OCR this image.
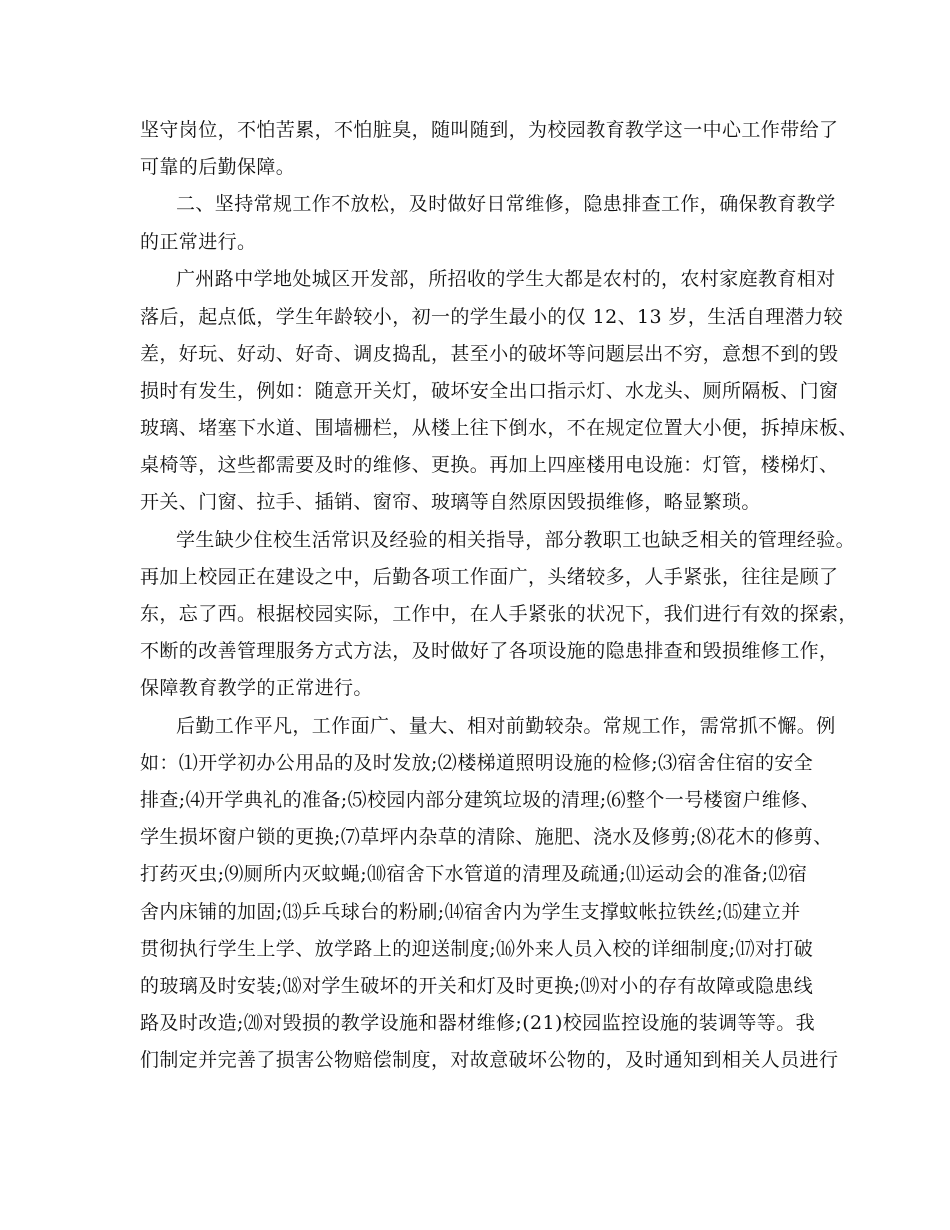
坚守岗位，不怕苦累，不怕脏臭，随叫随到，为校园教育教学这一中心工作带给了

可靠的后勤保障。

二、坚持常规工作不放松，及时做好日常维修，隐患排查工作，确保教育教学

的正常进行。

广州路中学地处城区开发部，所招收的学生大都是农村的，农村家庭教育相对

落后，起点低，学生年龄较小，初一的学生最小的仅 12、13 岁，生活自理潜力较

差，好玩、好动、好奇、调皮捣乱，甚至小的破坏等问题层出不穷，意想不到的毁

损时有发生，例如：随意开关灯，破坏安全出口指示灯、水龙头、厕所隔板、门窗

玻璃、堵塞下水道、围墙栅栏，从楼上往下倒水，不在规定位置大小便，拆掉床板、

桌椅等，这些都需要及时的维修、更换。再加上四座楼用电设施：灯管，楼梯灯、

开关、门窗、拉手、插销、窗帘、玻璃等自然原因毁损维修，略显繁琐。

学生缺少住校生活常识及经验的相关指导，部分教职工也缺乏相关的管理经验。

再加上校园正在建设之中，后勤各项工作面广，头绪较多，人手紧张，往往是顾了

东，忘了西。根据校园实际，工作中，在人手紧张的状况下，我们进行有效的探索，

不断的改善管理服务方式方法，及时做好了各项设施的隐患排查和毁损维修工作，

保障教育教学的正常进行。

后勤工作平凡，工作面广、量大、相对前勤较杂。常规工作，需常抓不懈。例

如：⑴开学初办公用品的及时发放;⑵楼梯道照明设施的检修;⑶宿舍住宿的安全

排查;⑷开学典礼的准备;⑸校园内部分建筑垃圾的清理;⑹整个一号楼窗户维修、

学生损坏窗户锁的更换;⑺草坪内杂草的清除、施肥、浇水及修剪;⑻花木的修剪、

打药灭虫;⑼厕所内灭蚊蝇;⑽宿舍下水管道的清理及疏通;⑾运动会的准备;⑿宿

舍内床铺的加固;⒀乒乓球台的粉刷;⒁宿舍内为学生支撑蚊帐拉铁丝;⒂建立并

贯彻执行学生上学、放学路上的迎送制度;⒃外来人员入校的详细制度;⒄对打破

的玻璃及时安装;⒅对学生破坏的开关和灯及时更换;⒆对小的存有故障或隐患线

路及时改造;⒇对毁损的教学设施和器材维修;(21)校园监控设施的装调等等。我

们制定并完善了损害公物赔偿制度，对故意破坏公物的，及时通知到相关人员进行
